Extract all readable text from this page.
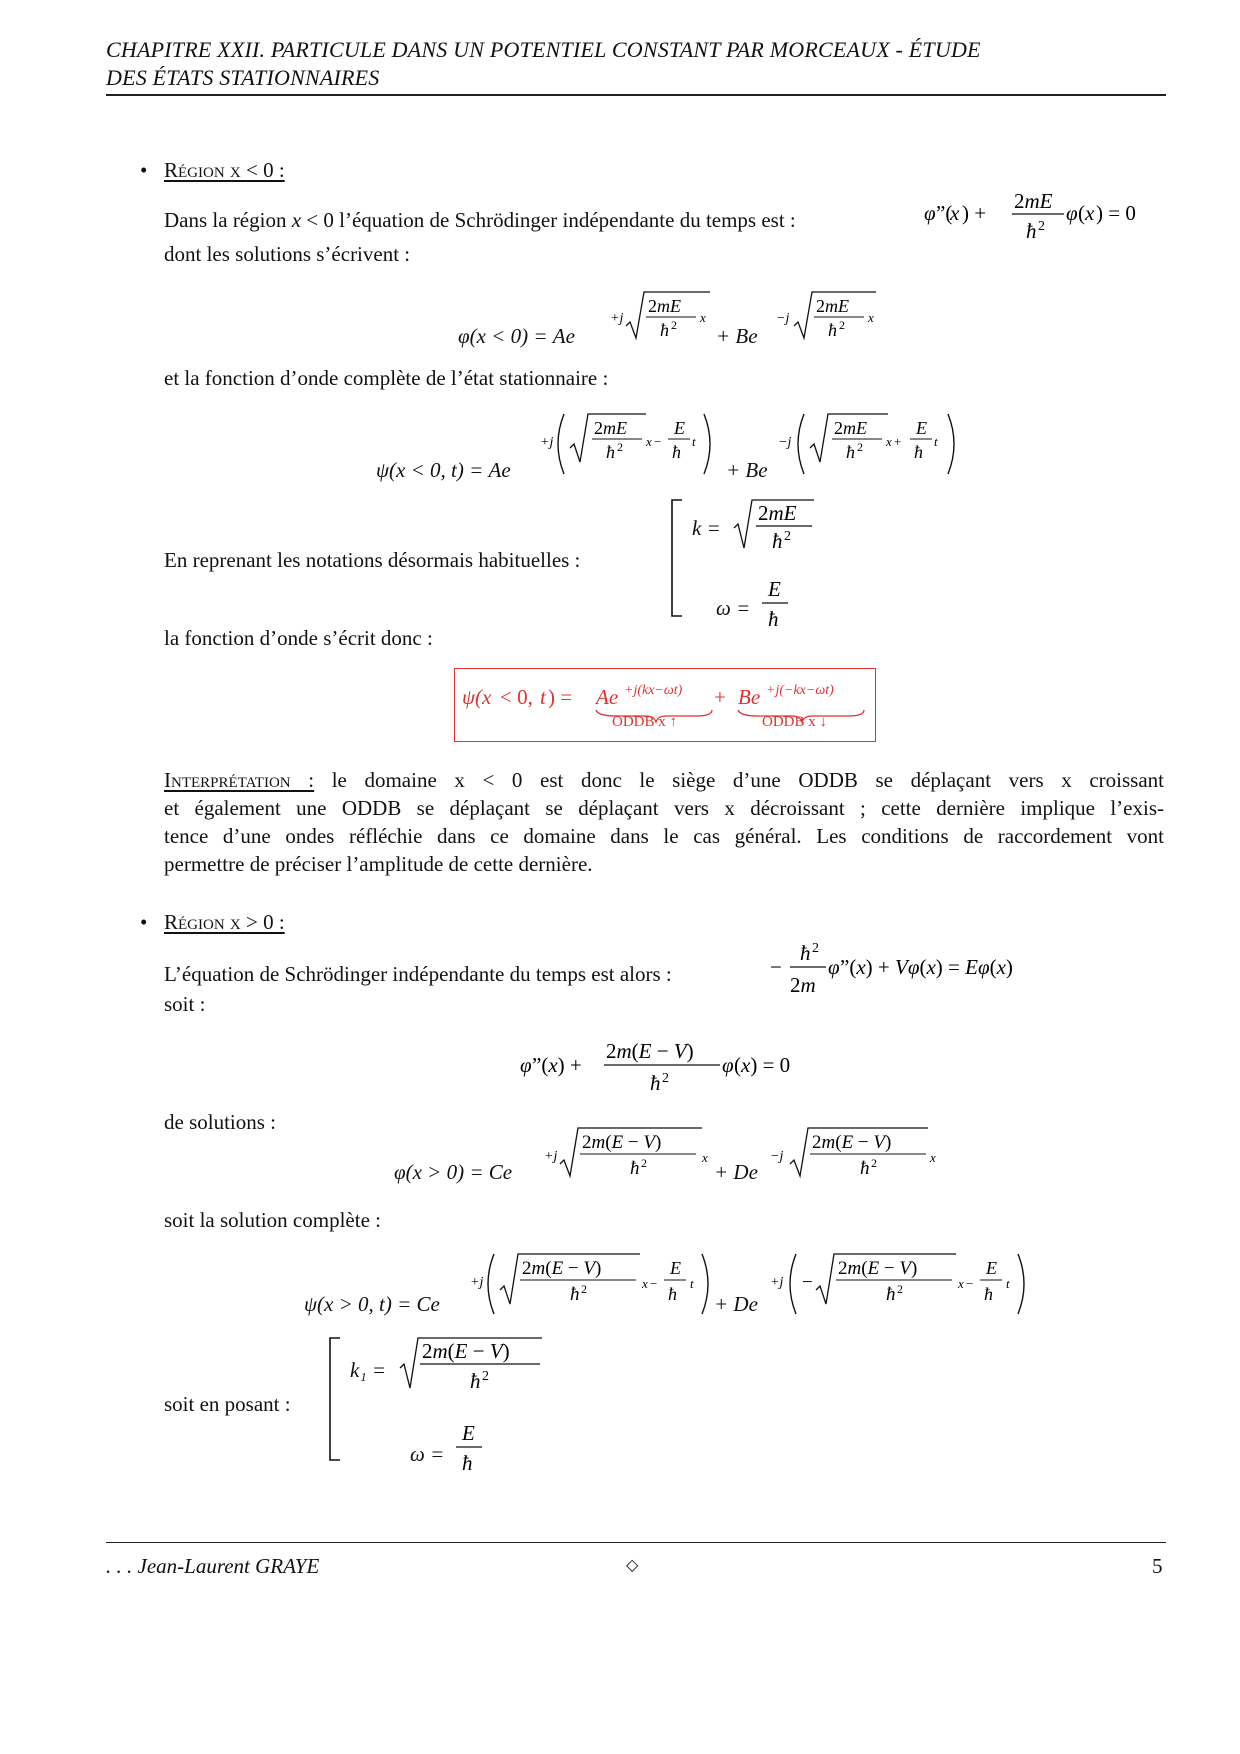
CHAPITRE XXII. PARTICULE DANS UN POTENTIEL CONSTANT PAR MORCEAUX - ÉTUDE
DES ÉTATS STATIONNAIRES
• Région x < 0 :
Dans la région x < 0 l’équation de Schrödinger indépendante du temps est :	φ ”(
x ) + 2mE
ħ 2
φ ( x ) = 0
dont les solutions s’écrivent :
φ(x < 0) = Ae
+j
2mE
ħ 2 x
+ Be
−j
2mE
ħ 2 x
et la fonction d’onde complète de l’état stationnaire :
ψ(x < 0, t) = Ae
+j
2mE
ħ 2 x −
E
ħ
t
+ Be
−j
2mE
ħ 2 x +
E
ħ
t
En reprenant les notations désormais habituelles :
k =
2mE
ħ 2
ω =
E
ħ
la fonction d’onde s’écrit donc :
ψ(x < 0, t ) = Ae +j(kx−ωt) + Be +j(−kx−ωt)
ODDB x ↑	ODDB x ↓
Interprétation : le domaine x < 0 est donc le siège d’une ODDB se déplaçant vers x croissant
et également une ODDB se déplaçant se déplaçant vers x décroissant ; cette dernière implique l’exis-
tence d’une ondes réfléchie dans ce domaine dans le cas général. Les conditions de raccordement vont
permettre de préciser l’amplitude de cette dernière.
• Région x > 0 :
L’équation de Schrödinger indépendante du temps est alors :	−
ħ 2
2m
φ ”(x) + Vφ(x) = Eφ(x)
soit :
φ ”(x) +
2m(E − V)
ħ 2
φ (x) = 0
de solutions :
φ(x > 0) = Ce
+j
2m(E − V)
ħ 2	x
+ De
−j
2m(E − V)
ħ 2	x
soit la solution complète :
ψ(x > 0, t) = Ce
+j
2m(E − V)
ħ 2	x −
E
ħ
t
+ De
+j −
2m(E − V)
ħ 2	x −
E
ħ
t
soit en posant :
k₁ =
2m(E − V)
ħ 2
ω =
E
ħ
. . . Jean-Laurent GRAYE	◇	5
